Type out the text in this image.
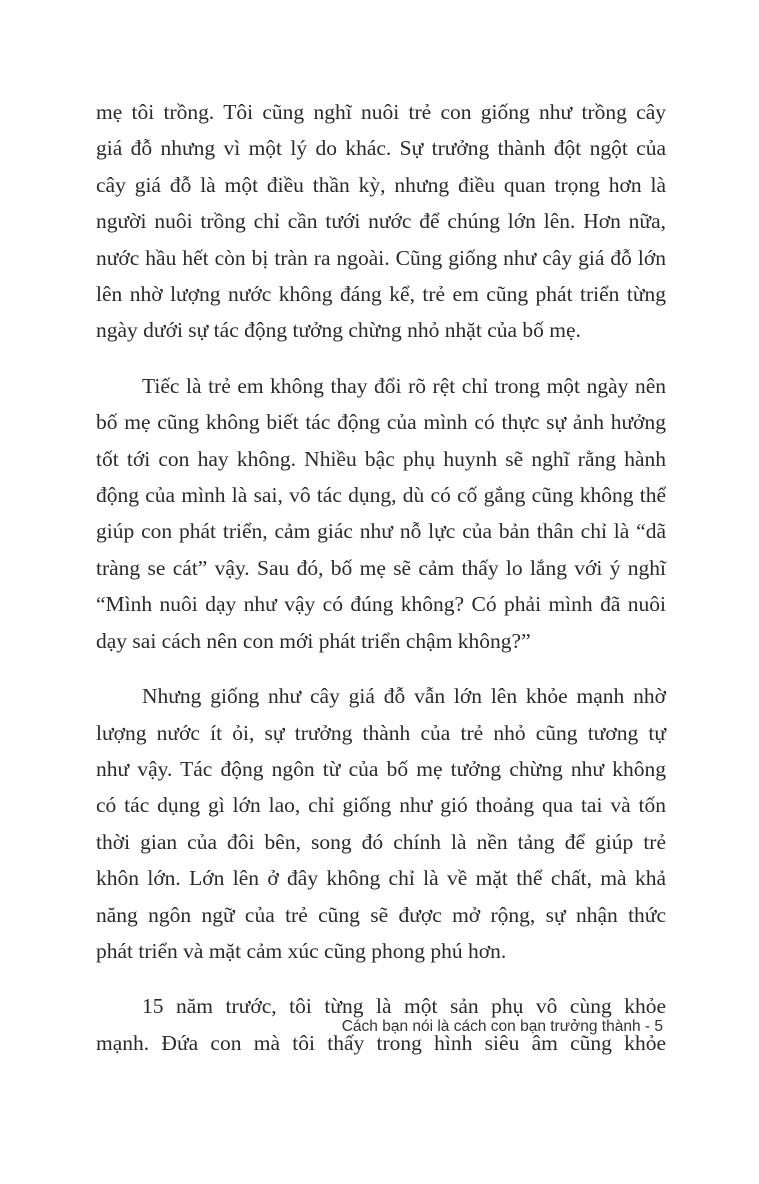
mẹ tôi trồng. Tôi cũng nghĩ nuôi trẻ con giống như trồng cây
giá đỗ nhưng vì một lý do khác. Sự trưởng thành đột ngột của
cây giá đỗ là một điều thần kỳ, nhưng điều quan trọng hơn là
người nuôi trồng chỉ cần tưới nước để chúng lớn lên. Hơn nữa,
nước hầu hết còn bị tràn ra ngoài. Cũng giống như cây giá đỗ lớn
lên nhờ lượng nước không đáng kể, trẻ em cũng phát triển từng
ngày dưới sự tác động tưởng chừng nhỏ nhặt của bố mẹ.
Tiếc là trẻ em không thay đổi rõ rệt chỉ trong một ngày nên
bố mẹ cũng không biết tác động của mình có thực sự ảnh hưởng
tốt tới con hay không. Nhiều bậc phụ huynh sẽ nghĩ rằng hành
động của mình là sai, vô tác dụng, dù có cố gắng cũng không thể
giúp con phát triển, cảm giác như nỗ lực của bản thân chỉ là “dã
tràng se cát” vậy. Sau đó, bố mẹ sẽ cảm thấy lo lắng với ý nghĩ
“Mình nuôi dạy như vậy có đúng không? Có phải mình đã nuôi
dạy sai cách nên con mới phát triển chậm không?”
Nhưng giống như cây giá đỗ vẫn lớn lên khỏe mạnh nhờ
lượng nước ít ỏi, sự trưởng thành của trẻ nhỏ cũng tương tự
như vậy. Tác động ngôn từ của bố mẹ tưởng chừng như không
có tác dụng gì lớn lao, chỉ giống như gió thoảng qua tai và tốn
thời gian của đôi bên, song đó chính là nền tảng để giúp trẻ
khôn lớn. Lớn lên ở đây không chỉ là về mặt thể chất, mà khả
năng ngôn ngữ của trẻ cũng sẽ được mở rộng, sự nhận thức
phát triển và mặt cảm xúc cũng phong phú hơn.
15 năm trước, tôi từng là một sản phụ vô cùng khỏe
mạnh. Đứa con mà tôi thấy trong hình siêu âm cũng khỏe
Cách bạn nói là cách con bạn trưởng thành - 5
